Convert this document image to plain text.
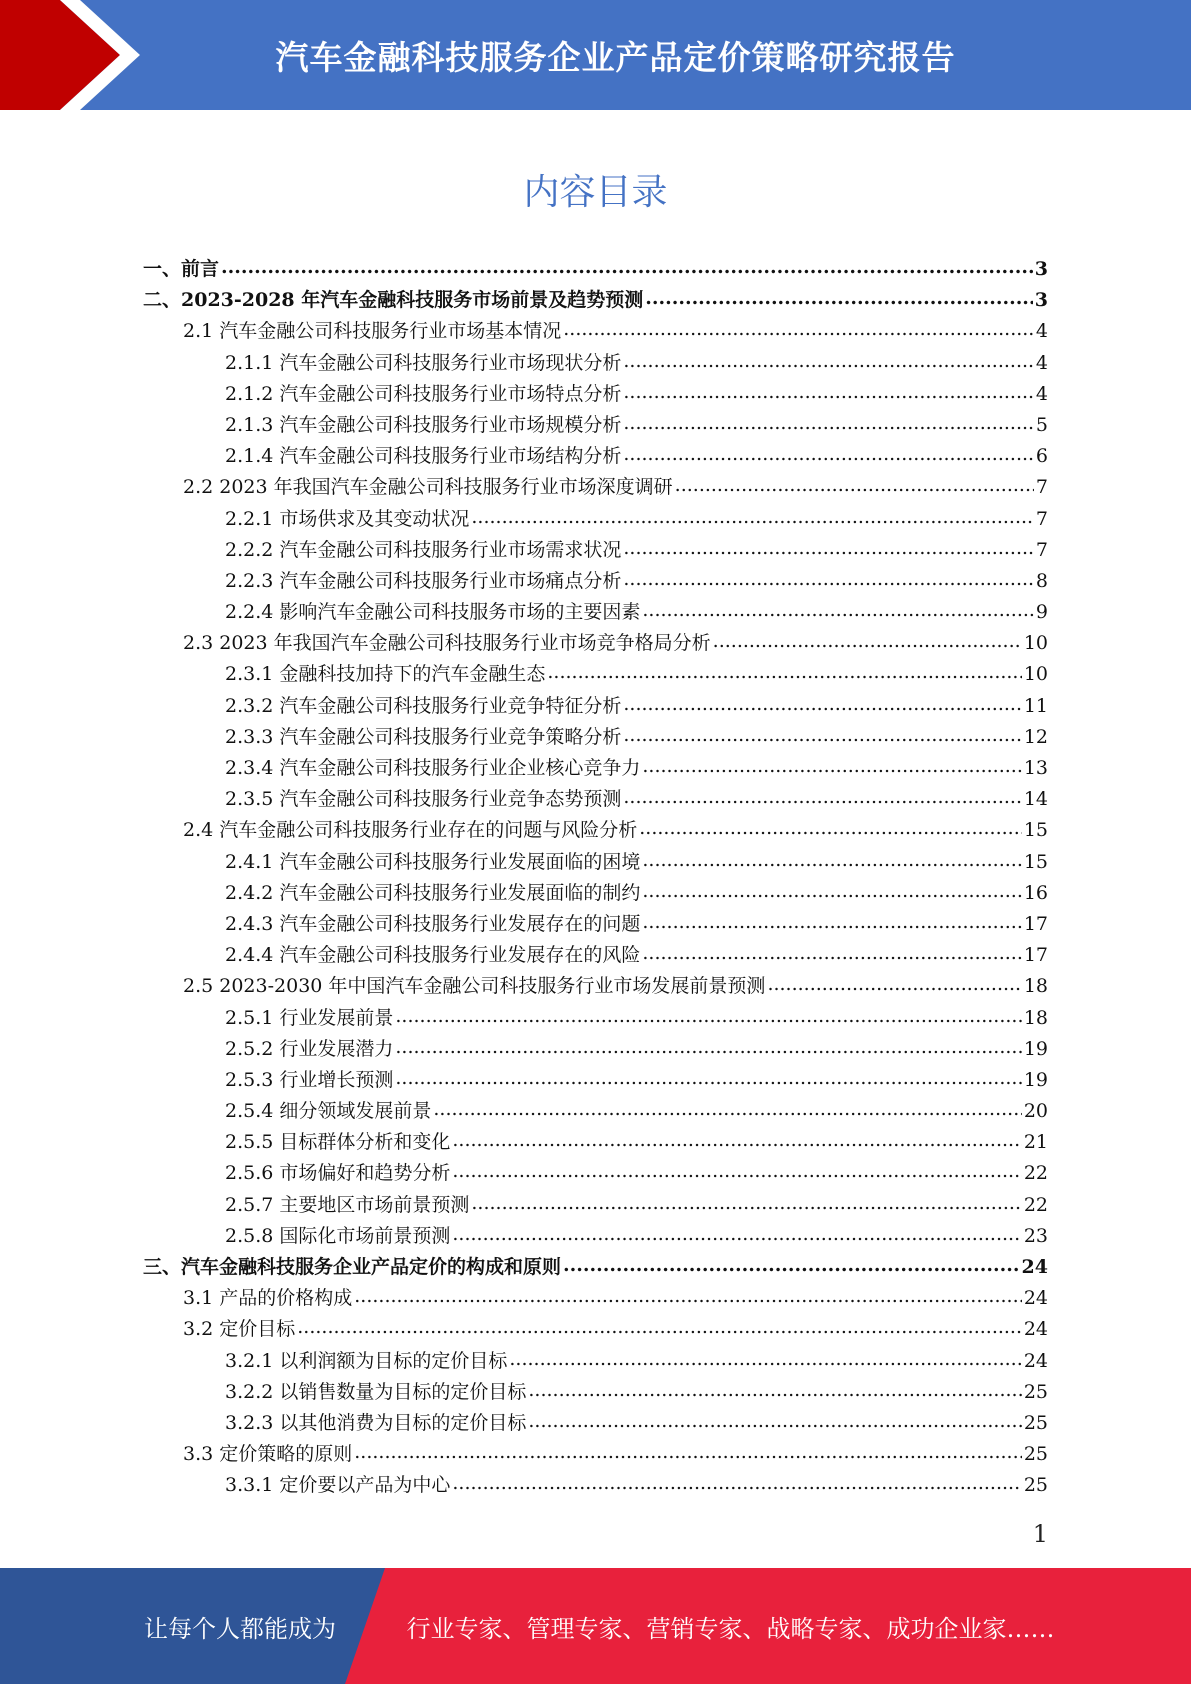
汽车金融科技服务企业产品定价策略研究报告
内容目录
一、前言 .....	3
二、2023-2028 年汽车金融科技服务市场前景及趋势预测 .....	3
2.1 汽车金融公司科技服务行业市场基本情况 .....	4
2.1.1 汽车金融公司科技服务行业市场现状分析 .....	4
2.1.2 汽车金融公司科技服务行业市场特点分析 .....	4
2.1.3 汽车金融公司科技服务行业市场规模分析 .....	5
2.1.4 汽车金融公司科技服务行业市场结构分析 .....	6
2.2 2023 年我国汽车金融公司科技服务行业市场深度调研 .....	7
2.2.1 市场供求及其变动状况 .....	7
2.2.2 汽车金融公司科技服务行业市场需求状况 .....	7
2.2.3 汽车金融公司科技服务行业市场痛点分析 .....	8
2.2.4 影响汽车金融公司科技服务市场的主要因素 .....	9
2.3 2023 年我国汽车金融公司科技服务行业市场竞争格局分析 .....	10
2.3.1 金融科技加持下的汽车金融生态 .....	10
2.3.2 汽车金融公司科技服务行业竞争特征分析 .....	11
2.3.3 汽车金融公司科技服务行业竞争策略分析 .....	12
2.3.4 汽车金融公司科技服务行业企业核心竞争力 .....	13
2.3.5 汽车金融公司科技服务行业竞争态势预测 .....	14
2.4 汽车金融公司科技服务行业存在的问题与风险分析 .....	15
2.4.1 汽车金融公司科技服务行业发展面临的困境 .....	15
2.4.2 汽车金融公司科技服务行业发展面临的制约 .....	16
2.4.3 汽车金融公司科技服务行业发展存在的问题 .....	17
2.4.4 汽车金融公司科技服务行业发展存在的风险 .....	17
2.5 2023-2030 年中国汽车金融公司科技服务行业市场发展前景预测 .....	18
2.5.1 行业发展前景 .....	18
2.5.2 行业发展潜力 .....	19
2.5.3 行业增长预测 .....	19
2.5.4 细分领域发展前景 .....	20
2.5.5 目标群体分析和变化 .....	21
2.5.6 市场偏好和趋势分析 .....	22
2.5.7 主要地区市场前景预测 .....	22
2.5.8 国际化市场前景预测 .....	23
三、汽车金融科技服务企业产品定价的构成和原则 .....	24
3.1 产品的价格构成 .....	24
3.2 定价目标 .....	24
3.2.1 以利润额为目标的定价目标 .....	24
3.2.2 以销售数量为目标的定价目标 .....	25
3.2.3 以其他消费为目标的定价目标 .....	25
3.3 定价策略的原则 .....	25
3.3.1 定价要以产品为中心 .....	25
1
让每个人都能成为	行业专家、管理专家、营销专家、战略专家、成功企业家……
